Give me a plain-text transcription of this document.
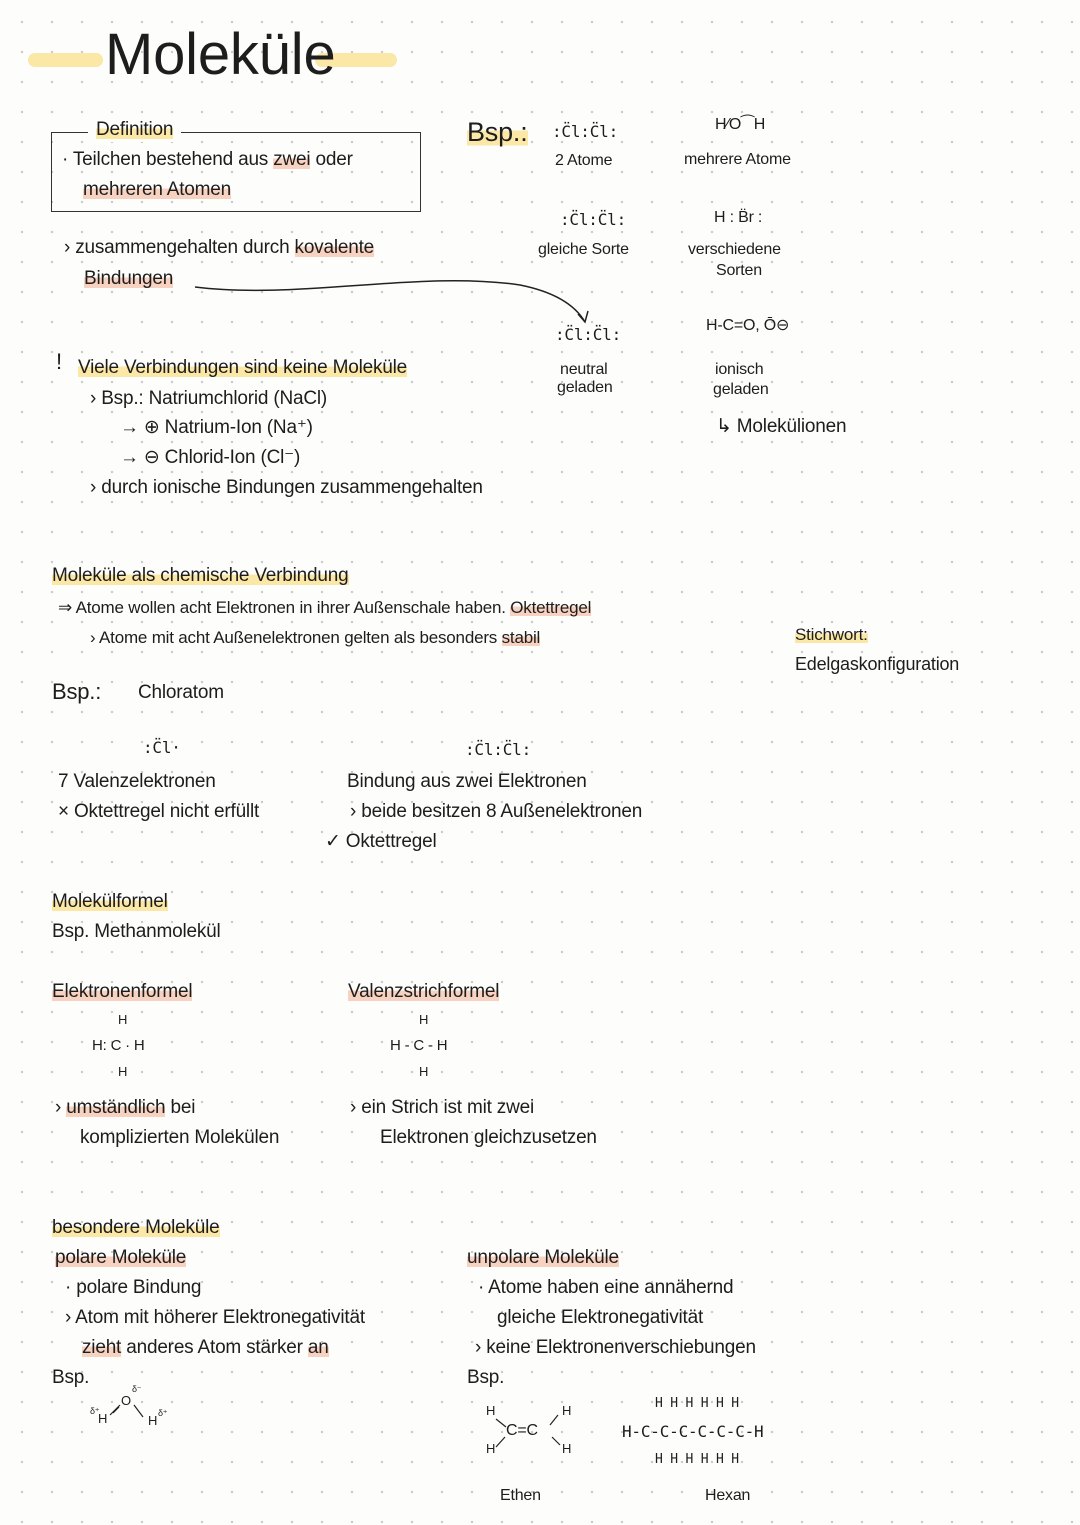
Moleküle
Definition
· Teilchen bestehend aus zwei oder
mehreren Atomen
› zusammengehalten durch kovalente
Bindungen
Bsp.: :C̈l:C̈l:
2 Atome
H⁄O⁀H
mehrere Atome
:C̈l:C̈l:
gleiche Sorte
H : B̈r :
verschiedene
Sorten
:C̈l:C̈l:
neutral
geladen
H-C=O, Ō⊖
ionisch
geladen
↳ Molekülionen
! Viele Verbindungen sind keine Moleküle
› Bsp.: Natriumchlorid (NaCl)
→ ⊕ Natrium-Ion (Na⁺)
→ ⊖ Chlorid-Ion (Cl⁻)
› durch ionische Bindungen zusammengehalten
Moleküle als chemische Verbindung
⇒ Atome wollen acht Elektronen in ihrer Außenschale haben. Oktettregel
› Atome mit acht Außenelektronen gelten als besonders stabil	Stichwort:
Edelgaskonfiguration
Bsp.: Chloratom
:C̈l·	:C̈l:C̈l:
7 Valenzelektronen
× Oktettregel nicht erfüllt
Bindung aus zwei Elektronen
› beide besitzen 8 Außenelektronen
✓ Oktettregel
Molekülformel
Bsp. Methanmolekül
Elektronenformel	Valenzstrichformel
H
H: C · H
H
H
H - C - H
H
› umständlich bei
komplizierten Molekülen
› ein Strich ist mit zwei
Elektronen gleichzusetzen
besondere Moleküle
polare Moleküle
· polare Bindung
› Atom mit höherer Elektronegativität
zieht anderes Atom stärker an
Bsp.
O
δ⁻
H
δ⁺
H δ⁺
unpolare Moleküle
· Atome haben eine annähernd
gleiche Elektronegativität
› keine Elektronenverschiebungen
Bsp.
H	H
H	H
C=C
Ethen
H H H H H H
H-C-C-C-C-C-C-H
H H H H H H
Hexan
